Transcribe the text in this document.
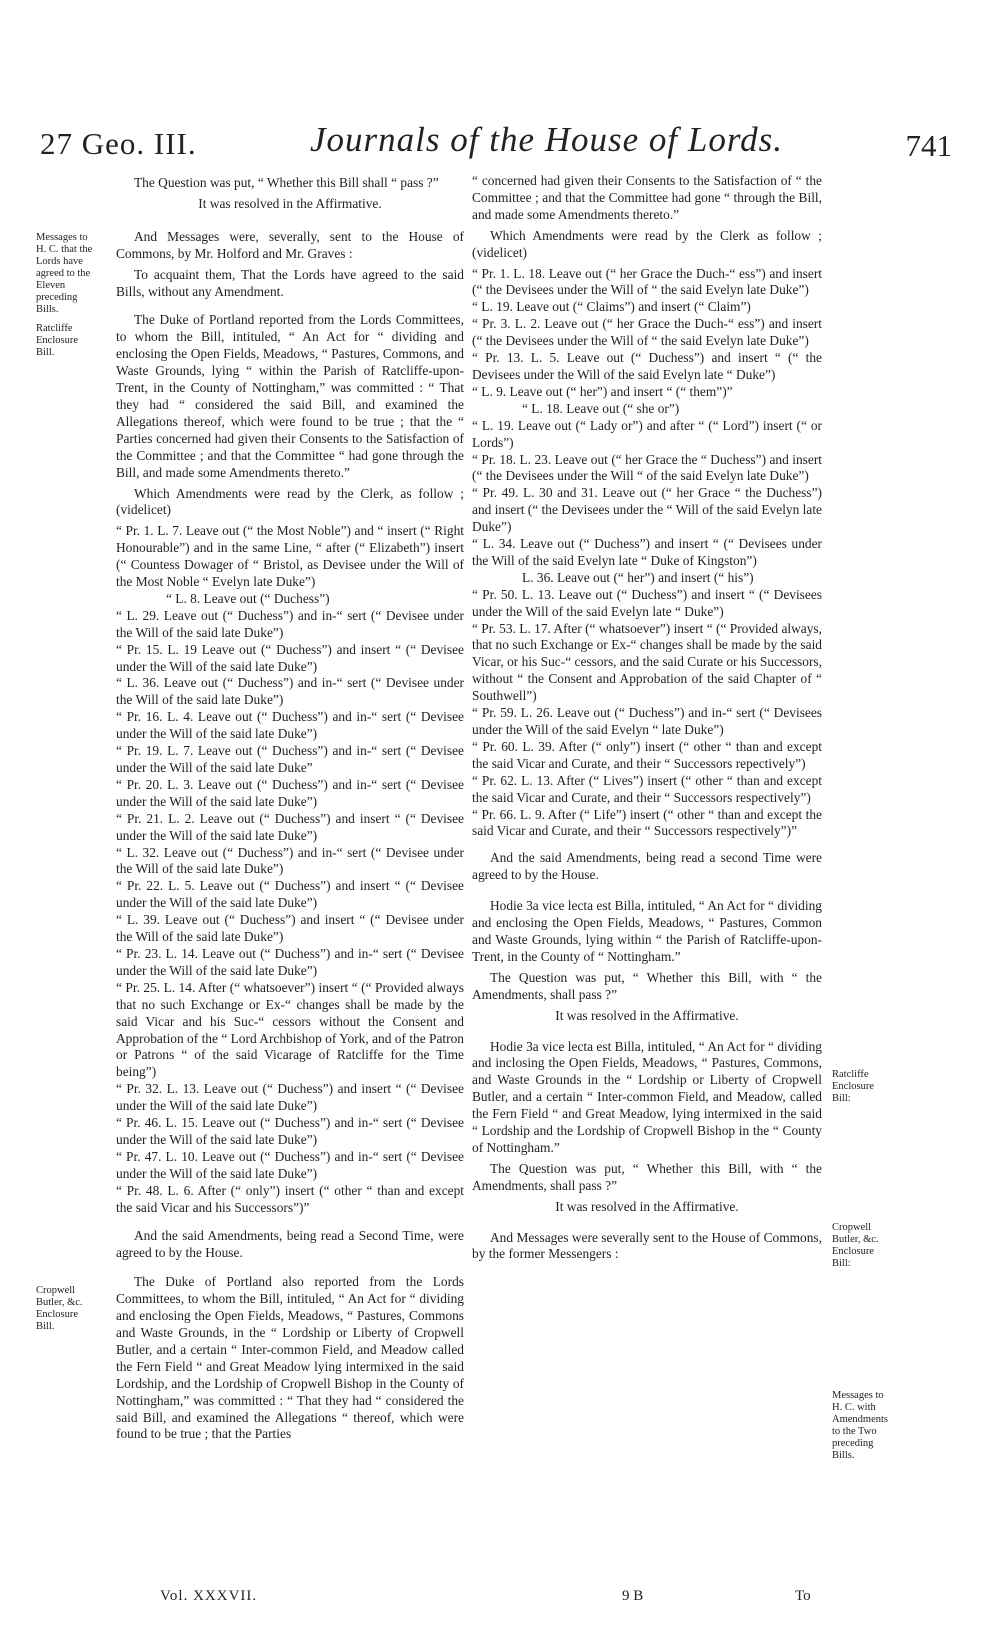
27 Geo. III.	Journals of the House of Lords.	741
Messages to H. C. that the Lords have agreed to the Eleven preceding Bills.
Ratcliffe Enclosure Bill.
Cropwell Butler, &c. Enclosure Bill.
Ratcliffe Enclosure Bill:
Cropwell Butler, &c. Enclosure Bill:
Messages to H. C. with Amendments to the Two preceding Bills.

The Question was put, “ Whether this Bill shall “ pass ?”

It was resolved in the Affirmative.

And Messages were, severally, sent to the House of Commons, by Mr. Holford and Mr. Graves :

To acquaint them, That the Lords have agreed to the said Bills, without any Amendment.

The Duke of Portland reported from the Lords Committees, to whom the Bill, intituled, “ An Act for “ dividing and enclosing the Open Fields, Meadows, “ Pastures, Commons, and Waste Grounds, lying “ within the Parish of Ratcliffe-upon-Trent, in the County of Nottingham,” was committed : “ That they had “ considered the said Bill, and examined the Allegations thereof, which were found to be true ; that the “ Parties concerned had given their Consents to the Satisfaction of the Committee ; and that the Committee “ had gone through the Bill, and made some Amendments thereto.”

Which Amendments were read by the Clerk, as follow ; (videlicet)

“ Pr. 1. L. 7. Leave out (“ the Most Noble”) and “ insert (“ Right Honourable”) and in the same Line, “ after (“ Elizabeth”) insert (“ Countess Dowager of “ Bristol, as Devisee under the Will of the Most Noble “ Evelyn late Duke”)

“ L. 8. Leave out (“ Duchess”)

“ L. 29. Leave out (“ Duchess”) and in-“ sert (“ Devisee under the Will of the said late Duke”)

“ Pr. 15. L. 19 Leave out (“ Duchess”) and insert “ (“ Devisee under the Will of the said late Duke”)

“ L. 36. Leave out (“ Duchess”) and in-“ sert (“ Devisee under the Will of the said late Duke”)

“ Pr. 16. L. 4. Leave out (“ Duchess”) and in-“ sert (“ Devisee under the Will of the said late Duke”)

“ Pr. 19. L. 7. Leave out (“ Duchess”) and in-“ sert (“ Devisee under the Will of the said late Duke”

“ Pr. 20. L. 3. Leave out (“ Duchess”) and in-“ sert (“ Devisee under the Will of the said late Duke”)

“ Pr. 21. L. 2. Leave out (“ Duchess”) and insert “ (“ Devisee under the Will of the said late Duke”)

“ L. 32. Leave out (“ Duchess”) and in-“ sert (“ Devisee under the Will of the said late Duke”)

“ Pr. 22. L. 5. Leave out (“ Duchess”) and insert “ (“ Devisee under the Will of the said late Duke”)

“ L. 39. Leave out (“ Duchess”) and insert “ (“ Devisee under the Will of the said late Duke”)

“ Pr. 23. L. 14. Leave out (“ Duchess”) and in-“ sert (“ Devisee under the Will of the said late Duke”)

“ Pr. 25. L. 14. After (“ whatsoever”) insert “ (“ Provided always that no such Exchange or Ex-“ changes shall be made by the said Vicar and his Suc-“ cessors without the Consent and Approbation of the “ Lord Archbishop of York, and of the Patron or Patrons “ of the said Vicarage of Ratcliffe for the Time being”)

“ Pr. 32. L. 13. Leave out (“ Duchess”) and insert “ (“ Devisee under the Will of the said late Duke”)

“ Pr. 46. L. 15. Leave out (“ Duchess”) and in-“ sert (“ Devisee under the Will of the said late Duke”)

“ Pr. 47. L. 10. Leave out (“ Duchess”) and in-“ sert (“ Devisee under the Will of the said late Duke”)

“ Pr. 48. L. 6. After (“ only”) insert (“ other “ than and except the said Vicar and his Successors”)”

And the said Amendments, being read a Second Time, were agreed to by the House.

The Duke of Portland also reported from the Lords Committees, to whom the Bill, intituled, “ An Act for “ dividing and enclosing the Open Fields, Meadows, “ Pastures, Commons and Waste Grounds, in the “ Lordship or Liberty of Cropwell Butler, and a certain “ Inter-common Field, and Meadow called the Fern Field “ and Great Meadow lying intermixed in the said Lordship, and the Lordship of Cropwell Bishop in the County of Nottingham,” was committed : “ That they had “ considered the said Bill, and examined the Allegations “ thereof, which were found to be true ; that the Parties

“ concerned had given their Consents to the Satisfaction of “ the Committee ; and that the Committee had gone “ through the Bill, and made some Amendments thereto.”

Which Amendments were read by the Clerk as follow ; (videlicet)

“ Pr. 1. L. 18. Leave out (“ her Grace the Duch-“ ess”) and insert (“ the Devisees under the Will of “ the said Evelyn late Duke”)

“ L. 19. Leave out (“ Claims”) and insert (“ Claim”)

“ Pr. 3. L. 2. Leave out (“ her Grace the Duch-“ ess”) and insert (“ the Devisees under the Will of “ the said Evelyn late Duke”)

“ Pr. 13. L. 5. Leave out (“ Duchess”) and insert “ (“ the Devisees under the Will of the said Evelyn late “ Duke”)

“ L. 9. Leave out (“ her”) and insert “ (“ them”)”

“ L. 18. Leave out (“ she or”)

“ L. 19. Leave out (“ Lady or”) and after “ (“ Lord”) insert (“ or Lords”)

“ Pr. 18. L. 23. Leave out (“ her Grace the “ Duchess”) and insert (“ the Devisees under the Will “ of the said Evelyn late Duke”)

“ Pr. 49. L. 30 and 31. Leave out (“ her Grace “ the Duchess”) and insert (“ the Devisees under the “ Will of the said Evelyn late Duke”)

“ L. 34. Leave out (“ Duchess”) and insert “ (“ Devisees under the Will of the said Evelyn late “ Duke of Kingston”)

L. 36. Leave out (“ her”) and insert (“ his”)

“ Pr. 50. L. 13. Leave out (“ Duchess”) and insert “ (“ Devisees under the Will of the said Evelyn late “ Duke”)

“ Pr. 53. L. 17. After (“ whatsoever”) insert “ (“ Provided always, that no such Exchange or Ex-“ changes shall be made by the said Vicar, or his Suc-“ cessors, and the said Curate or his Successors, without “ the Consent and Approbation of the said Chapter of “ Southwell”)

“ Pr. 59. L. 26. Leave out (“ Duchess”) and in-“ sert (“ Devisees under the Will of the said Evelyn “ late Duke”)

“ Pr. 60. L. 39. After (“ only”) insert (“ other “ than and except the said Vicar and Curate, and their “ Successors repectively”)

“ Pr. 62. L. 13. After (“ Lives”) insert (“ other “ than and except the said Vicar and Curate, and their “ Successors respectively”)

“ Pr. 66. L. 9. After (“ Life”) insert (“ other “ than and except the said Vicar and Curate, and their “ Successors respectively”)”

And the said Amendments, being read a second Time were agreed to by the House.

Hodie 3a vice lecta est Billa, intituled, “ An Act for “ dividing and enclosing the Open Fields, Meadows, “ Pastures, Common and Waste Grounds, lying within “ the Parish of Ratcliffe-upon-Trent, in the County of “ Nottingham.”

The Question was put, “ Whether this Bill, with “ the Amendments, shall pass ?”

It was resolved in the Affirmative.

Hodie 3a vice lecta est Billa, intituled, “ An Act for “ dividing and inclosing the Open Fields, Meadows, “ Pastures, Commons, and Waste Grounds in the “ Lordship or Liberty of Cropwell Butler, and a certain “ Inter-common Field, and Meadow, called the Fern Field “ and Great Meadow, lying intermixed in the said “ Lordship and the Lordship of Cropwell Bishop in the “ County of Nottingham.”

The Question was put, “ Whether this Bill, with “ the Amendments, shall pass ?”

It was resolved in the Affirmative.

And Messages were severally sent to the House of Commons, by the former Messengers :

Vol. XXXVII.	9 B	To
